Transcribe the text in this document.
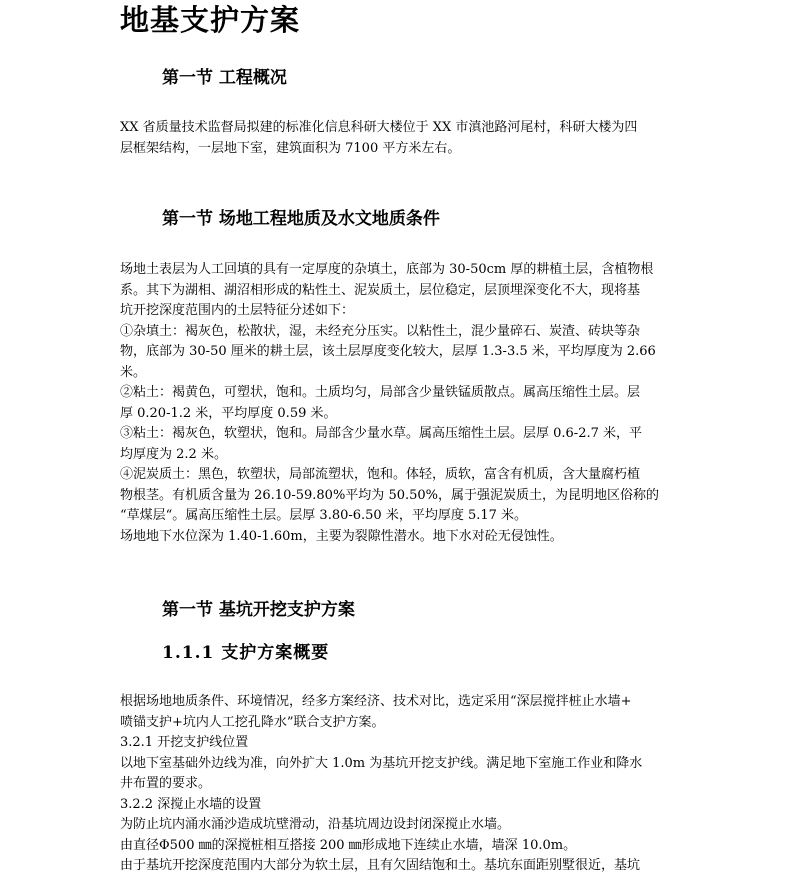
地基支护方案
第一节 工程概况

XX 省质量技术监督局拟建的标准化信息科研大楼位于 XX 市滇池路河尾村，科研大楼为四
层框架结构，一层地下室，建筑面积为 7100 平方米左右。

第一节 场地工程地质及水文地质条件

场地土表层为人工回填的具有一定厚度的杂填土，底部为 30-50cm 厚的耕植土层，含植物根
系。其下为湖相、湖沼相形成的粘性土、泥炭质土，层位稳定，层顶埋深变化不大，现将基
坑开挖深度范围内的土层特征分述如下：
①杂填土：褐灰色，松散状，湿，未经充分压实。以粘性土，混少量碎石、炭渣、砖块等杂
物，底部为 30-50 厘米的耕土层，该土层厚度变化较大，层厚 1.3-3.5 米，平均厚度为 2.66
米。
②粘土：褐黄色，可塑状，饱和。土质均匀，局部含少量铁锰质散点。属高压缩性土层。层
厚 0.20-1.2 米，平均厚度 0.59 米。
③粘土：褐灰色，软塑状，饱和。局部含少量水草。属高压缩性土层。层厚 0.6-2.7 米，平
均厚度为 2.2 米。
④泥炭质土：黑色，软塑状，局部流塑状，饱和。体轻，质软，富含有机质，含大量腐朽植
物根茎。有机质含量为 26.10-59.80%平均为 50.50%，属于强泥炭质土，为昆明地区俗称的
“草煤层“。属高压缩性土层。层厚 3.80-6.50 米，平均厚度 5.17 米。
场地地下水位深为 1.40-1.60m，主要为裂隙性潜水。地下水对砼无侵蚀性。

第一节 基坑开挖支护方案
1.1.1 支护方案概要

根据场地地质条件、环境情况，经多方案经济、技术对比，选定采用“深层搅拌桩止水墙+
喷锚支护+坑内人工挖孔降水”联合支护方案。
3.2.1 开挖支护线位置
以地下室基础外边线为准，向外扩大 1.0m 为基坑开挖支护线。满足地下室施工作业和降水
井布置的要求。
3.2.2 深搅止水墙的设置
为防止坑内涌水涌沙造成坑壁滑动，沿基坑周边设封闭深搅止水墙。
由直径Φ500 ㎜的深搅桩相互搭接 200 ㎜形成地下连续止水墙，墙深 10.0m。
由于基坑开挖深度范围内大部分为软土层，且有欠固结饱和土。基坑东面距别墅很近，基坑
